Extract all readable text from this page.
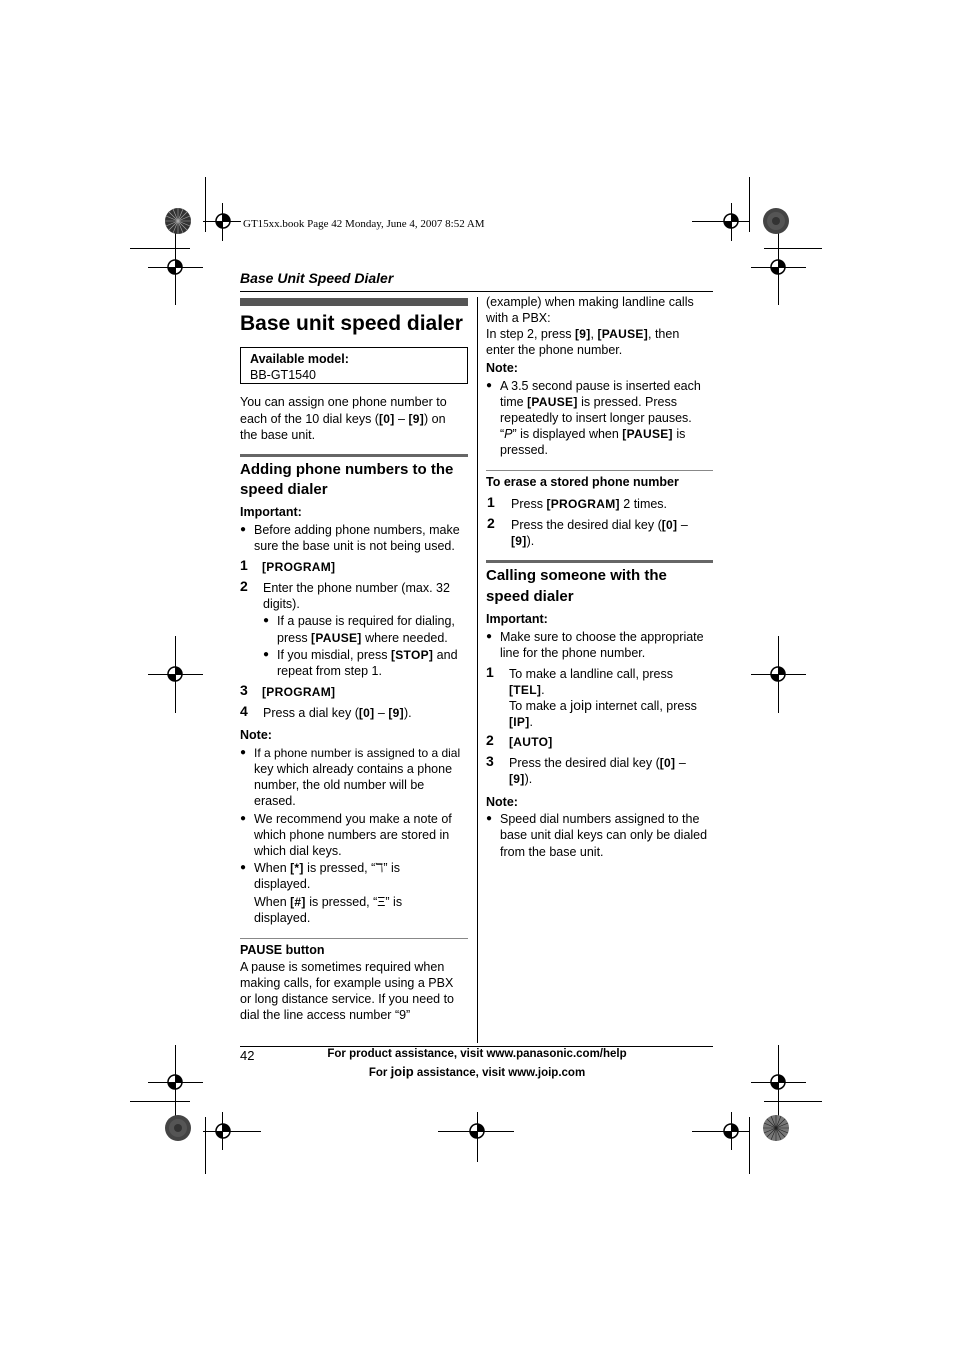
GT15xx.book Page 42 Monday, June 4, 2007 8:52 AM
Base Unit Speed Dialer
Base unit speed dialer
Available model:
BB-GT1540
You can assign one phone number to
each of the 10 dial keys ([0] – [9]) on
the base unit.
Adding phone numbers to the
speed dialer
Important:
● Before adding phone numbers, make
sure the base unit is not being used.
1 [PROGRAM]
2 Enter the phone number (max. 32
digits).
● If a pause is required for dialing,
press [PAUSE] where needed.
● If you misdial, press [STOP] and
repeat from step 1.
3 [PROGRAM]
4 Press a dial key ([0] – [9]).
Note:
● If a phone number is assigned to a dial
key which already contains a phone
number, the old number will be
erased.
● We recommend you make a note of
which phone numbers are stored in
which dial keys.
● When [*] is pressed, “ℸ” is
displayed.
When [#] is pressed, “Ξ” is
displayed.
PAUSE button
A pause is sometimes required when
making calls, for example using a PBX
or long distance service. If you need to
dial the line access number “9”
(example) when making landline calls
with a PBX:
In step 2, press [9], [PAUSE], then
enter the phone number.
Note:
● A 3.5 second pause is inserted each
time [PAUSE] is pressed. Press
repeatedly to insert longer pauses.
“P” is displayed when [PAUSE] is
pressed.
To erase a stored phone number
1 Press [PROGRAM] 2 times.
2 Press the desired dial key ([0] –
[9]).
Calling someone with the
speed dialer
Important:
● Make sure to choose the appropriate
line for the phone number.
1 To make a landline call, press
[TEL].
To make a joip internet call, press
[IP].
2 [AUTO]
3 Press the desired dial key ([0] –
[9]).
Note:
● Speed dial numbers assigned to the
base unit dial keys can only be dialed
from the base unit.
42	For product assistance, visit www.panasonic.com/help
For joip assistance, visit www.joip.com
